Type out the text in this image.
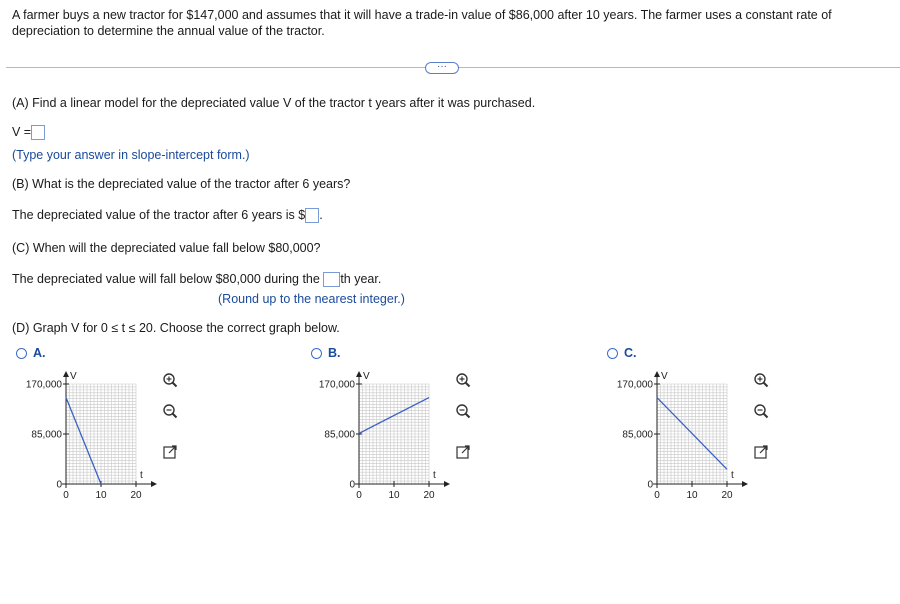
A farmer buys a new tractor for $147,000 and assumes that it will have a trade-in value of $86,000 after 10 years. The farmer uses a constant rate of depreciation to determine the annual value of the tractor.
···
(A) Find a linear model for the depreciated value V of the tractor t years after it was purchased.
V =
(Type your answer in slope-intercept form.)
(B) What is the depreciated value of the tractor after 6 years?
The depreciated value of the tractor after 6 years is $ .
(C) When will the depreciated value fall below $80,000?
The depreciated value will fall below $80,000 during the th year.
(Round up to the nearest integer.)
(D) Graph V for 0 ≤ t ≤ 20. Choose the correct graph below.
A.
V
t
170,000
85,000
0
0	10 20
B.
V
t
170,000
85,000
0
0	10 20
C.
V
t
170,000
85,000
0
0	10 20
